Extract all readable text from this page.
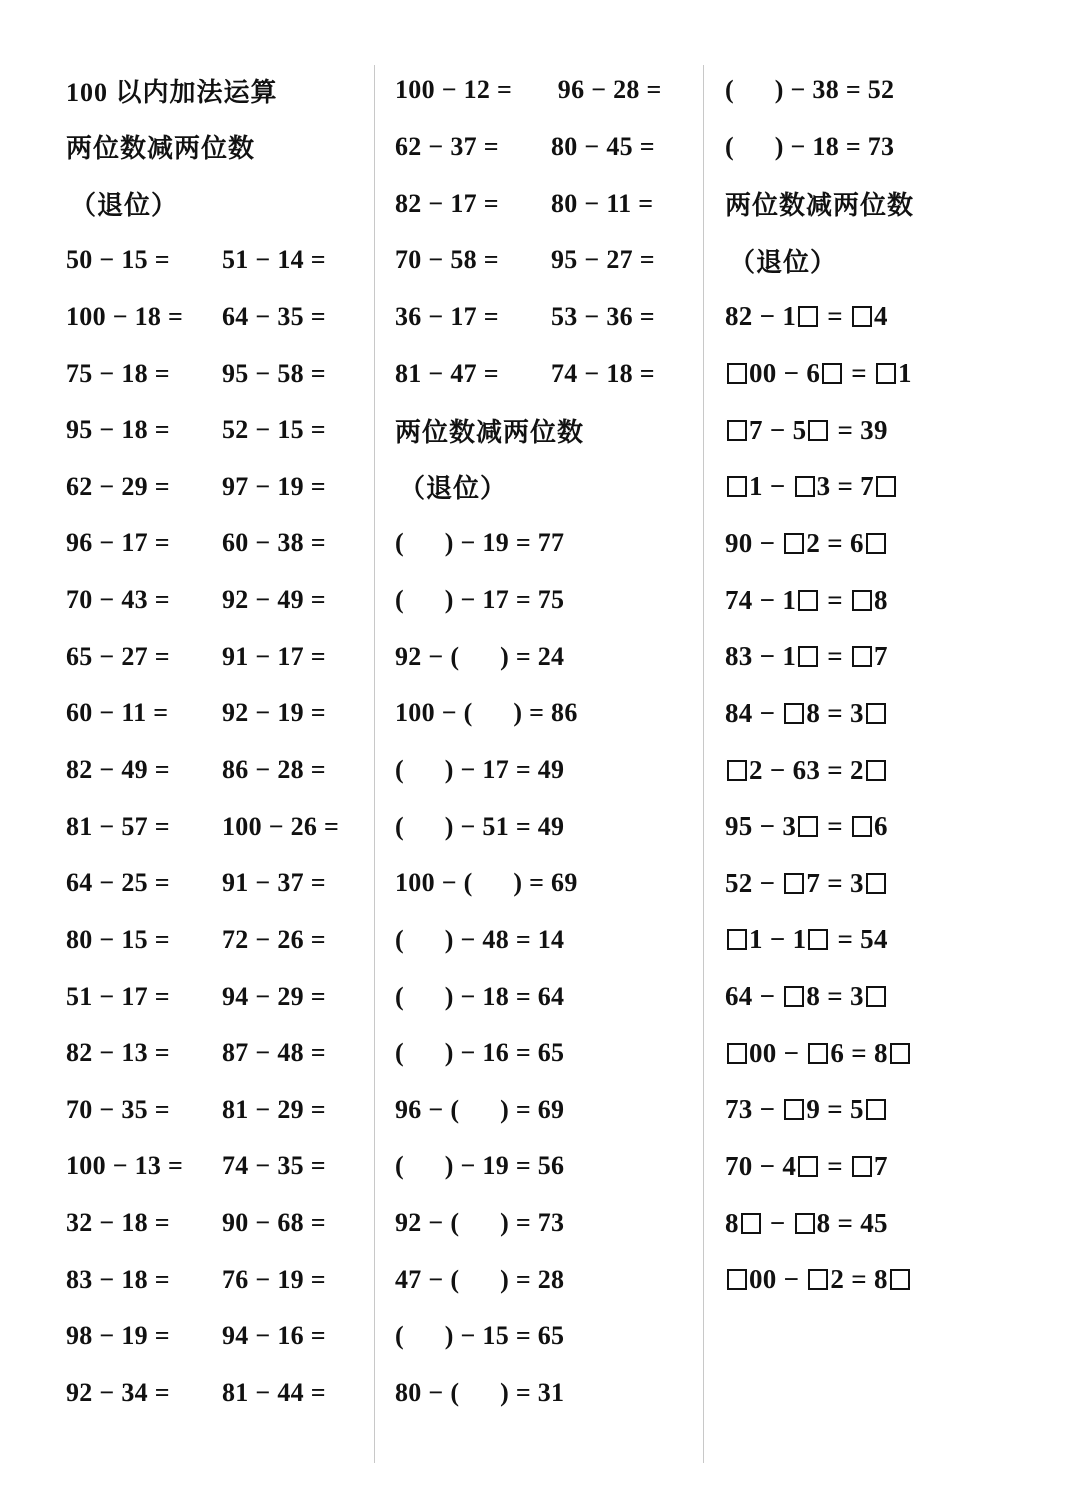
100 以内加法运算
两位数减两位数
（退位）
50 − 15 =	51 − 14 =
100 − 18 =	64 − 35 =
75 − 18 =	95 − 58 =
95 − 18 =	52 − 15 =
62 − 29 =	97 − 19 =
96 − 17 =	60 − 38 =
70 − 43 =	92 − 49 =
65 − 27 =	91 − 17 =
60 − 11 =	92 − 19 =
82 − 49 =	86 − 28 =
81 − 57 =	100 − 26 =
64 − 25 =	91 − 37 =
80 − 15 =	72 − 26 =
51 − 17 =	94 − 29 =
82 − 13 =	87 − 48 =
70 − 35 =	81 − 29 =
100 − 13 =	74 − 35 =
32 − 18 =	90 − 68 =
83 − 18 =	76 − 19 =
98 − 19 =	94 − 16 =
92 − 34 =	81 − 44 =
100 − 12 =	96 − 28 =
62 − 37 =	80 − 45 =
82 − 17 =	80 − 11 =
70 − 58 =	95 − 27 =
36 − 17 =	53 − 36 =
81 − 47 =	74 − 18 =
两位数减两位数
（退位）
(      ) − 19 = 77
(      ) − 17 = 75
92 − (      ) = 24
100 − (      ) = 86
(      ) − 17 = 49
(      ) − 51 = 49
100 − (      ) = 69
(      ) − 48 = 14
(      ) − 18 = 64
(      ) − 16 = 65
96 − (      ) = 69
(      ) − 19 = 56
92 − (      ) = 73
47 − (      ) = 28
(      ) − 15 = 65
80 − (      ) = 31
(      ) − 38 = 52
(      ) − 18 = 73
两位数减两位数
（退位）
82 − 1 = 4
00 − 6 = 1
7 − 5 = 39
1 − 3 = 7
90 − 2 = 6
74 − 1 = 8
83 − 1 = 7
84 − 8 = 3
2 − 63 = 2
95 − 3 = 6
52 − 7 = 3
1 − 1 = 54
64 − 8 = 3
00 − 6 = 8
73 − 9 = 5
70 − 4 = 7
8 − 8 = 45
00 − 2 = 8
